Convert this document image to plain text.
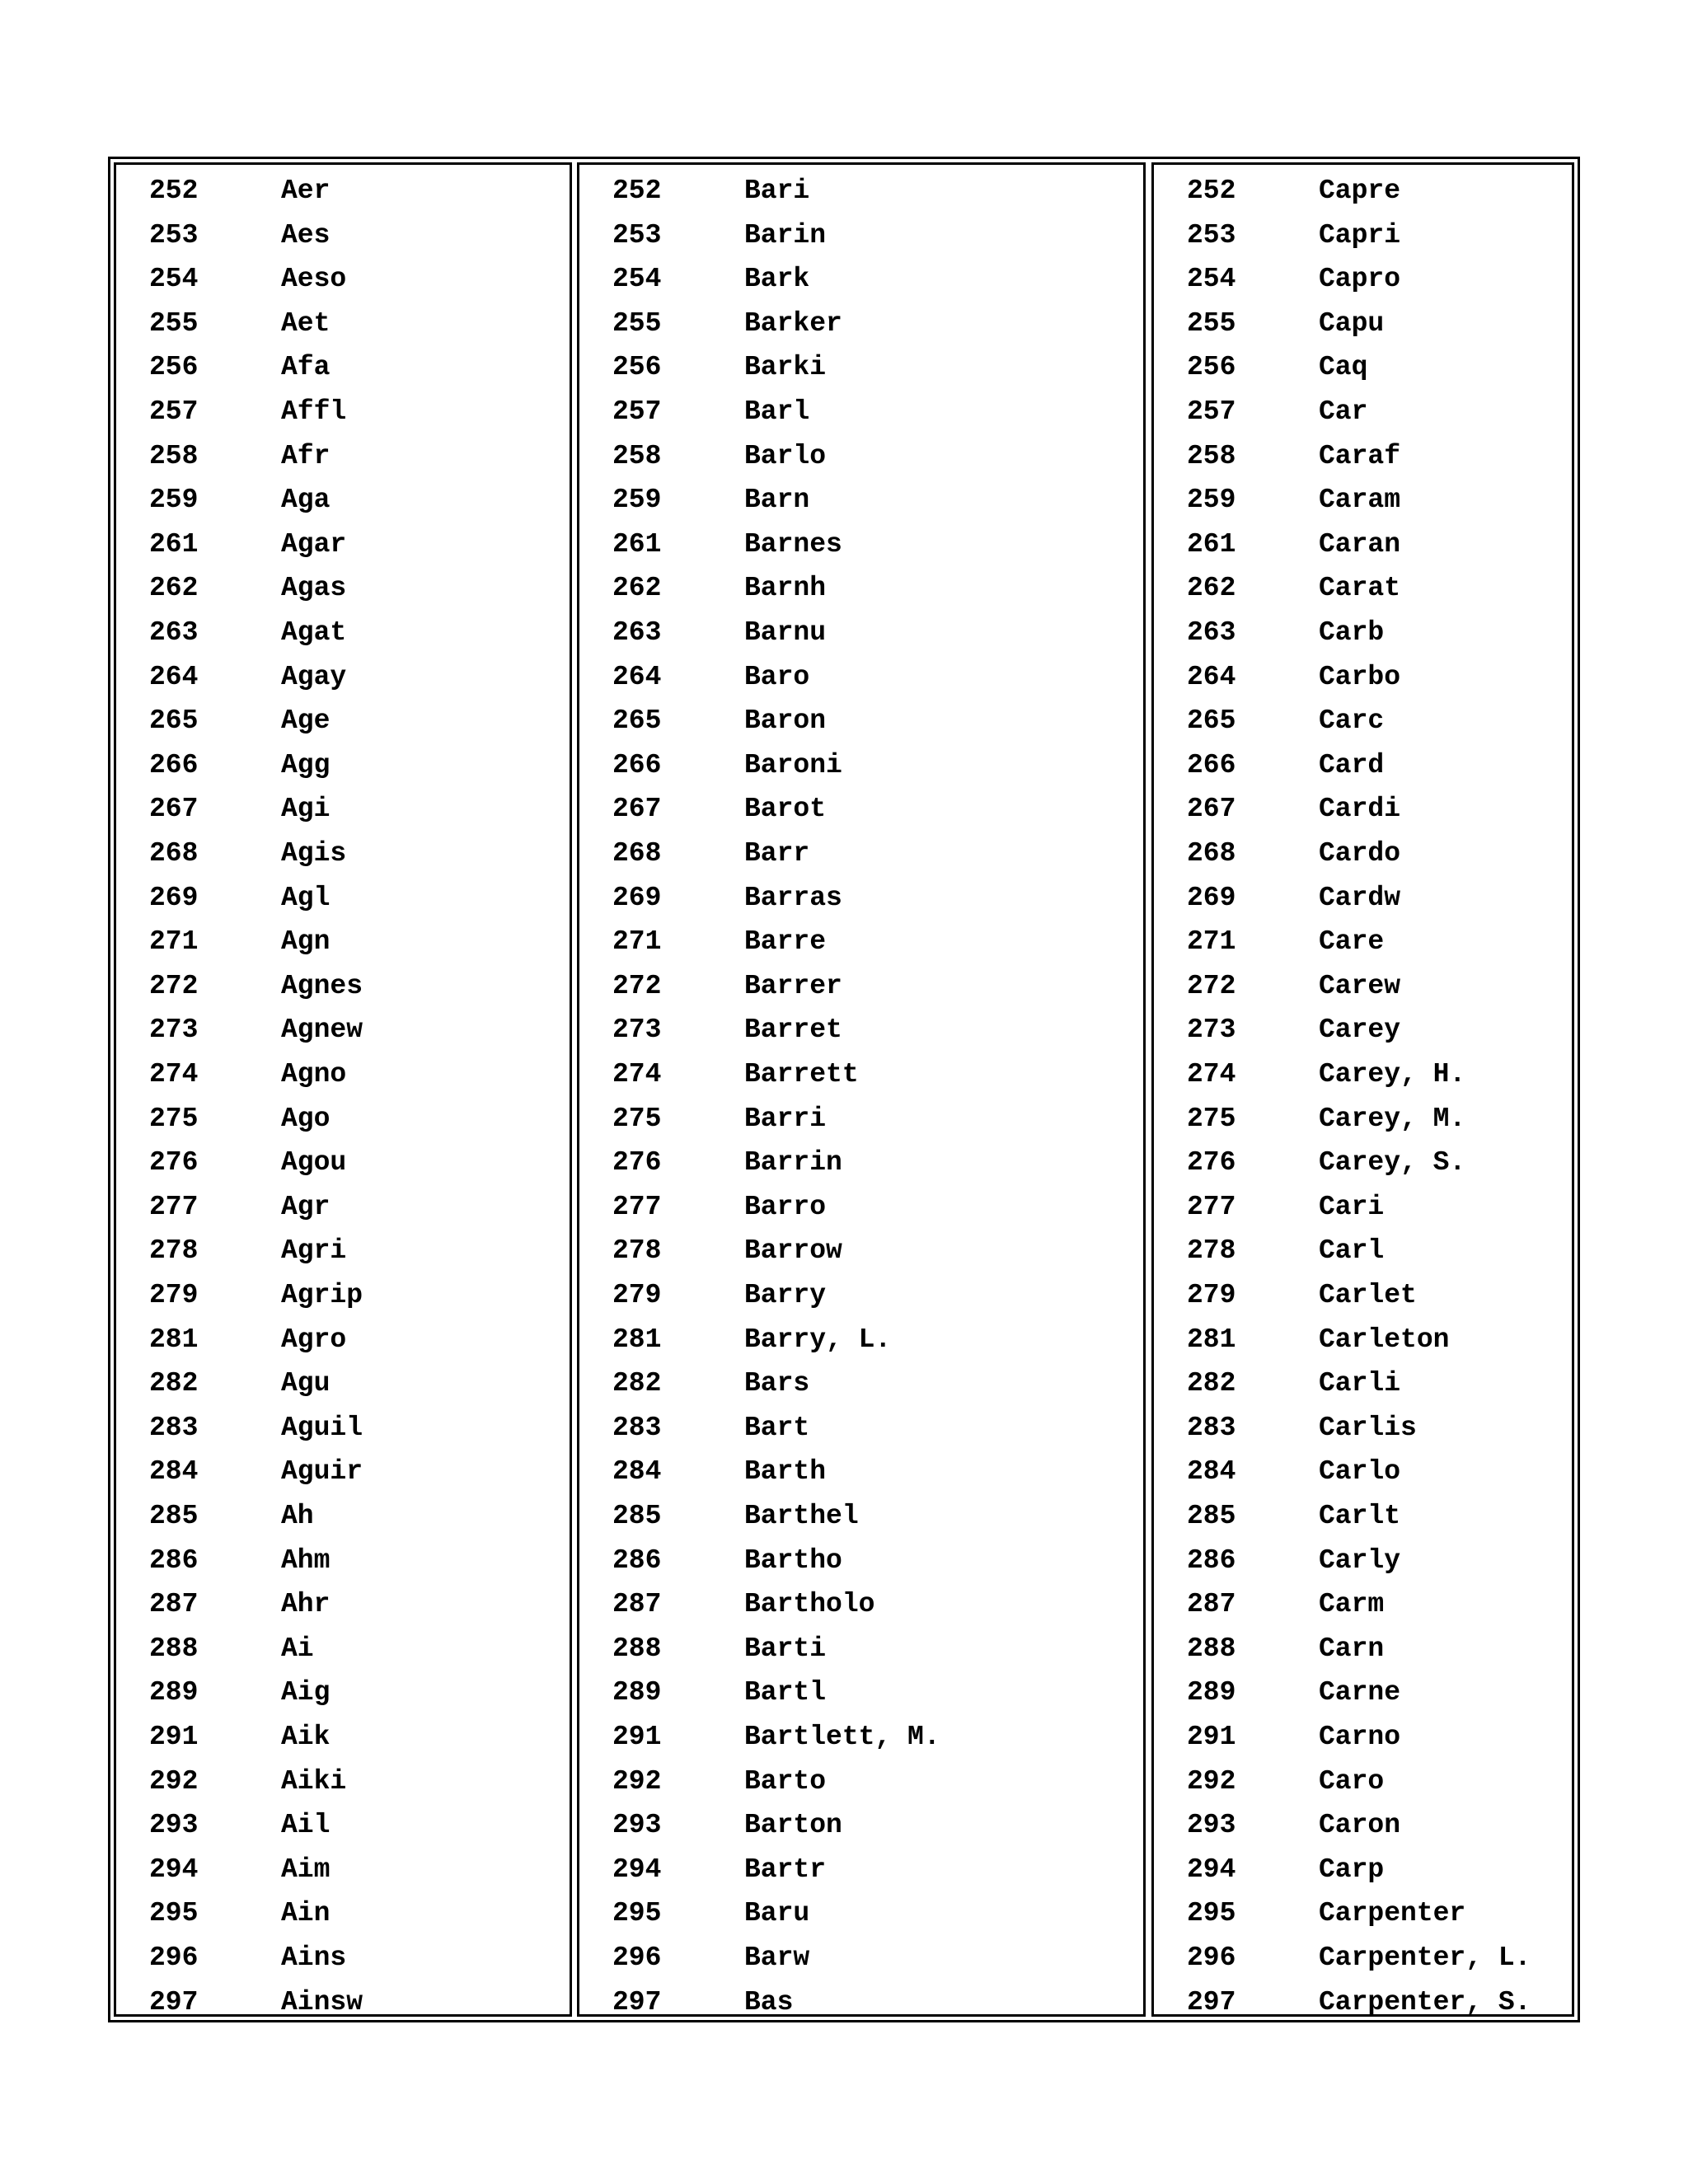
252	Aer
253	Aes
254	Aeso
255	Aet
256	Afa
257	Affl
258	Afr
259	Aga
261	Agar
262	Agas
263	Agat
264	Agay
265	Age
266	Agg
267	Agi
268	Agis
269	Agl
271	Agn
272	Agnes
273	Agnew
274	Agno
275	Ago
276	Agou
277	Agr
278	Agri
279	Agrip
281	Agro
282	Agu
283	Aguil
284	Aguir
285	Ah
286	Ahm
287	Ahr
288	Ai
289	Aig
291	Aik
292	Aiki
293	Ail
294	Aim
295	Ain
296	Ains
297	Ainsw
252	Bari
253	Barin
254	Bark
255	Barker
256	Barki
257	Barl
258	Barlo
259	Barn
261	Barnes
262	Barnh
263	Barnu
264	Baro
265	Baron
266	Baroni
267	Barot
268	Barr
269	Barras
271	Barre
272	Barrer
273	Barret
274	Barrett
275	Barri
276	Barrin
277	Barro
278	Barrow
279	Barry
281	Barry, L.
282	Bars
283	Bart
284	Barth
285	Barthel
286	Bartho
287	Bartholo
288	Barti
289	Bartl
291	Bartlett, M.
292	Barto
293	Barton
294	Bartr
295	Baru
296	Barw
297	Bas
252	Capre
253	Capri
254	Capro
255	Capu
256	Caq
257	Car
258	Caraf
259	Caram
261	Caran
262	Carat
263	Carb
264	Carbo
265	Carc
266	Card
267	Cardi
268	Cardo
269	Cardw
271	Care
272	Carew
273	Carey
274	Carey, H.
275	Carey, M.
276	Carey, S.
277	Cari
278	Carl
279	Carlet
281	Carleton
282	Carli
283	Carlis
284	Carlo
285	Carlt
286	Carly
287	Carm
288	Carn
289	Carne
291	Carno
292	Caro
293	Caron
294	Carp
295	Carpenter
296	Carpenter, L.
297	Carpenter, S.
